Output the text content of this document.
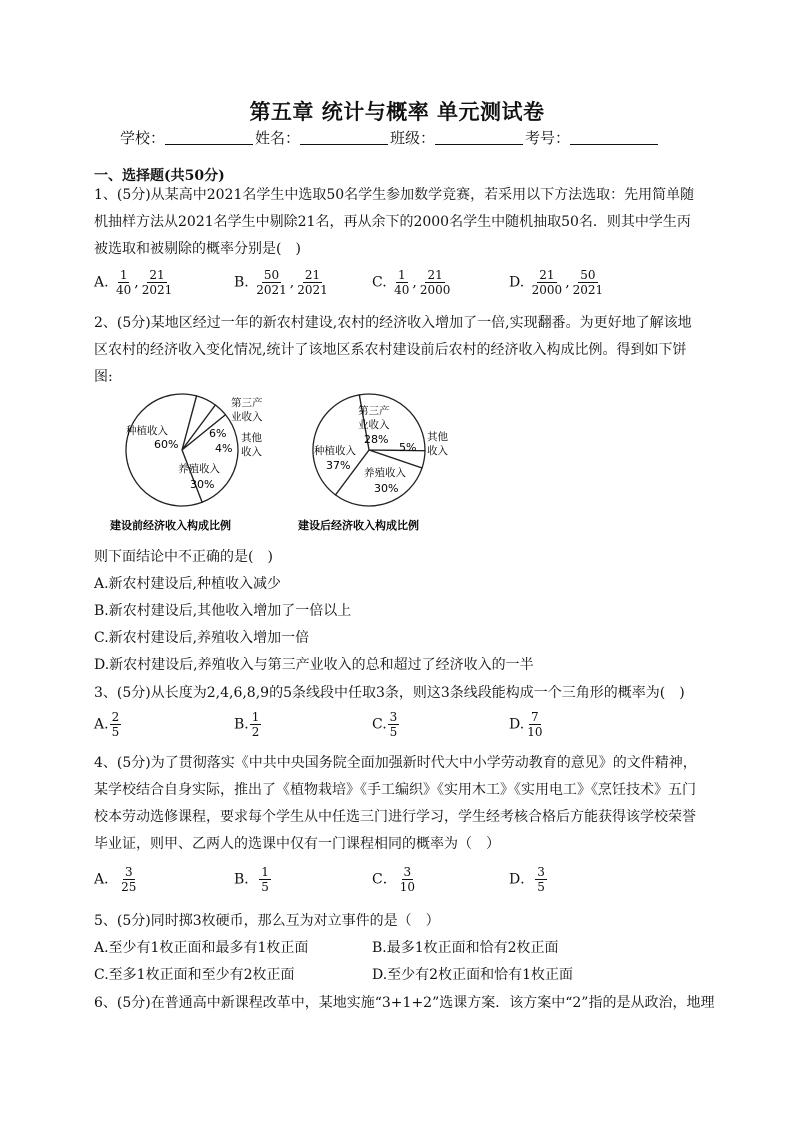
第五章 统计与概率 单元测试卷
学校：	姓名：	班级：	考号：
一、选择题(共50分)
1、(5分)从某高中2021名学生中选取50名学生参加数学竞赛，若采用以下方法选取：先用简单随机抽样方法从2021名学生中剔除21名，再从余下的2000名学生中随机抽取50名．则其中学生丙被选取和被剔除的概率分别是(　)
A. $\frac{1}{40}$ , $\frac{21}{2021}$	B. $\frac{50}{2021}$ , $\frac{21}{2021}$	C. $\frac{1}{40}$ , $\frac{21}{2000}$	D. $\frac{21}{2000}$ , $\frac{50}{2021}$
2、(5分)某地区经过一年的新农村建设,农村的经济收入增加了一倍,实现翻番。为更好地了解该地区农村的经济收入变化情况,统计了该地区系农村建设前后农村的经济收入构成比例。得到如下饼图:
种植收入
60%
第三产
业收入
6% 其他
收入
4%
养殖收入
30%
建设前经济收入构成比例
第三产
业收入
28%	其他
收入
5%
种植收入
37%
养殖收入
30%
建设后经济收入构成比例
则下面结论中不正确的是(　)
A.新农村建设后,种植收入减少
B.新农村建设后,其他收入增加了一倍以上
C.新农村建设后,养殖收入增加一倍
D.新农村建设后,养殖收入与第三产业收入的总和超过了经济收入的一半
3、(5分)从长度为2,4,6,8,9的5条线段中任取3条，则这3条线段能构成一个三角形的概率为(　)
A. $\frac{2}{5}$	B. $\frac{1}{2}$	C. $\frac{3}{5}$	D. $\frac{7}{10}$
4、(5分)为了贯彻落实《中共中央国务院全面加强新时代大中小学劳动教育的意见》的文件精神，某学校结合自身实际，推出了《植物栽培》《手工编织》《实用木工》《实用电工》《烹饪技术》五门校本劳动选修课程，要求每个学生从中任选三门进行学习，学生经考核合格后方能获得该学校荣誉毕业证，则甲、乙两人的选课中仅有一门课程相同的概率为（　）
A． $\frac{3}{25}$	B． $\frac{1}{5}$	C． $\frac{3}{10}$	D． $\frac{3}{5}$
5、(5分)同时掷3枚硬币，那么互为对立事件的是（　）
A.至少有1枚正面和最多有1枚正面	B.最多1枚正面和恰有2枚正面
C.至多1枚正面和至少有2枚正面	D.至少有2枚正面和恰有1枚正面
6、(5分)在普通高中新课程改革中，某地实施“3+1+2”选课方案．该方案中“2”指的是从政治，地理
